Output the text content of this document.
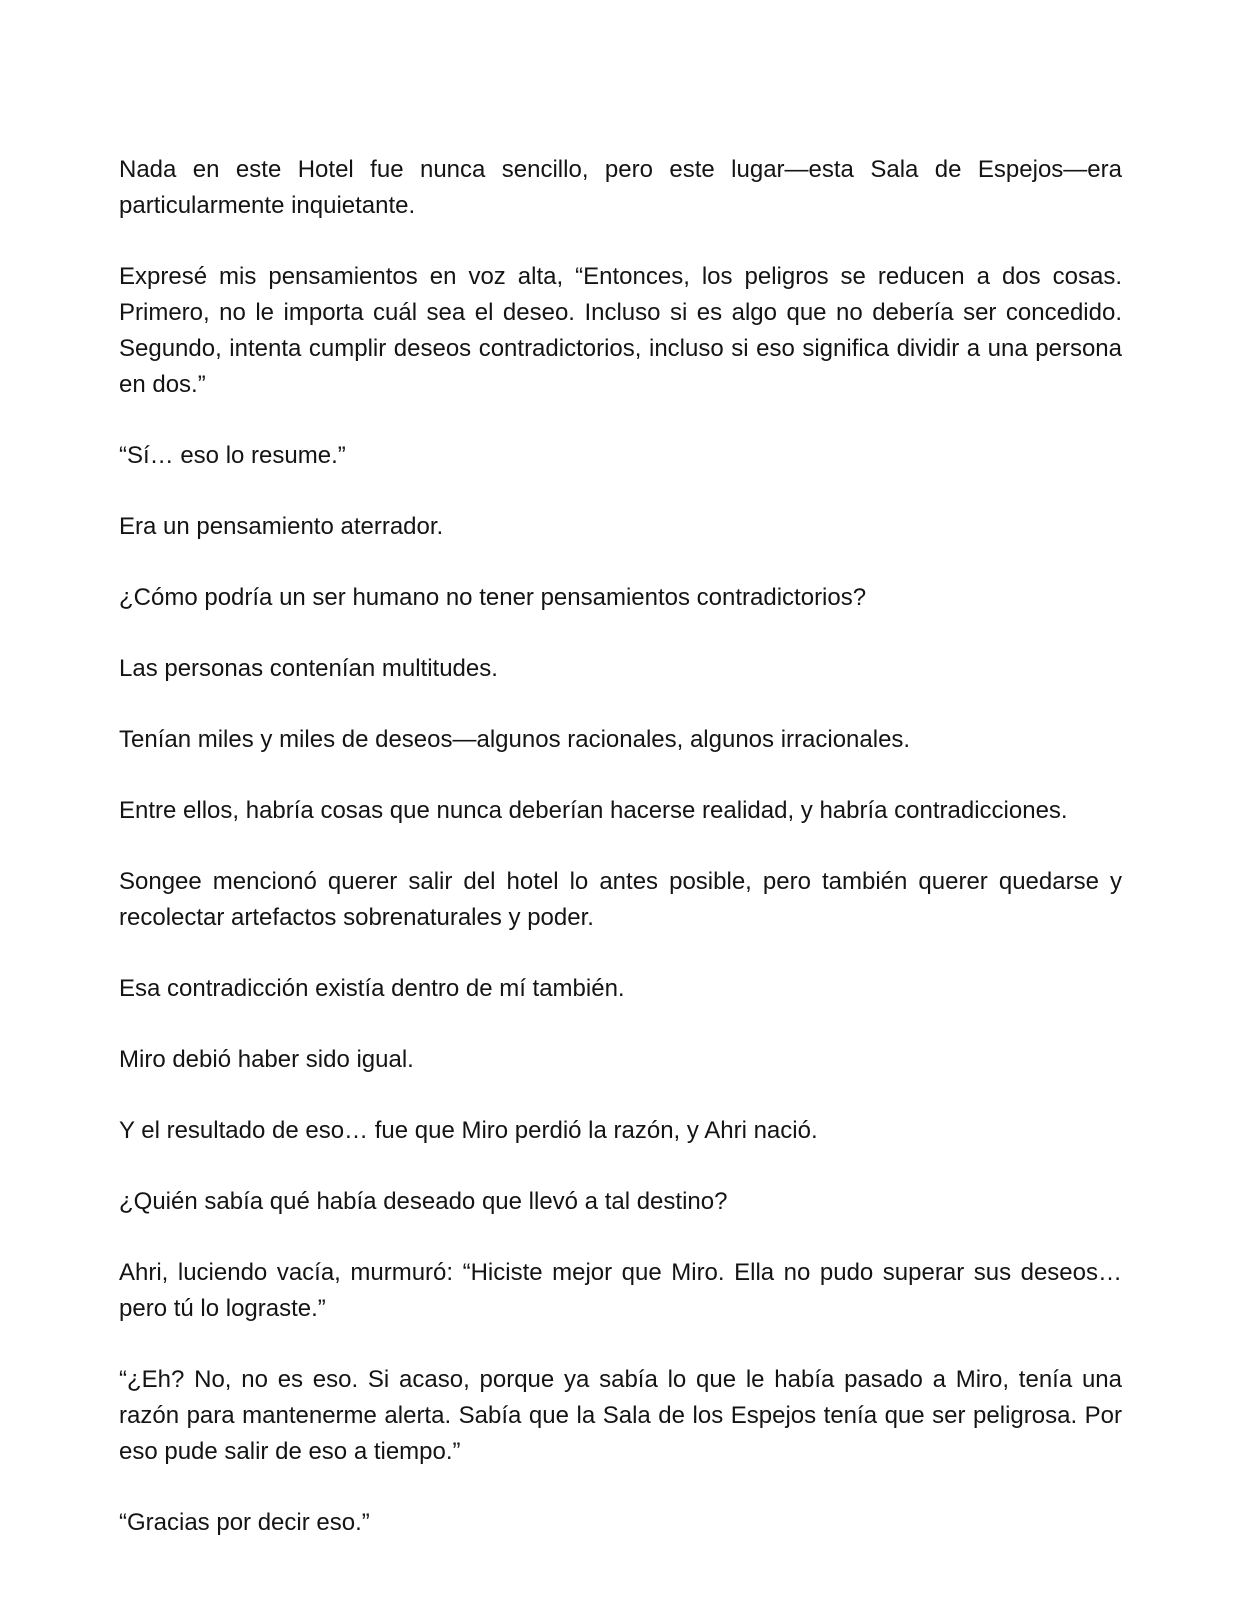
Nada en este Hotel fue nunca sencillo, pero este lugar—esta Sala de Espejos—era particularmente inquietante.

Expresé mis pensamientos en voz alta, “Entonces, los peligros se reducen a dos cosas. Primero, no le importa cuál sea el deseo. Incluso si es algo que no debería ser concedido. Segundo, intenta cumplir deseos contradictorios, incluso si eso significa dividir a una persona en dos.”

“Sí… eso lo resume.”

Era un pensamiento aterrador.

¿Cómo podría un ser humano no tener pensamientos contradictorios?

Las personas contenían multitudes.

Tenían miles y miles de deseos—algunos racionales, algunos irracionales.

Entre ellos, habría cosas que nunca deberían hacerse realidad, y habría contradicciones.

Songee mencionó querer salir del hotel lo antes posible, pero también querer quedarse y recolectar artefactos sobrenaturales y poder.

Esa contradicción existía dentro de mí también.

Miro debió haber sido igual.

Y el resultado de eso… fue que Miro perdió la razón, y Ahri nació.

¿Quién sabía qué había deseado que llevó a tal destino?

Ahri, luciendo vacía, murmuró: “Hiciste mejor que Miro. Ella no pudo superar sus deseos… pero tú lo lograste.”

“¿Eh? No, no es eso. Si acaso, porque ya sabía lo que le había pasado a Miro, tenía una razón para mantenerme alerta. Sabía que la Sala de los Espejos tenía que ser peligrosa. Por eso pude salir de eso a tiempo.”

“Gracias por decir eso.”
